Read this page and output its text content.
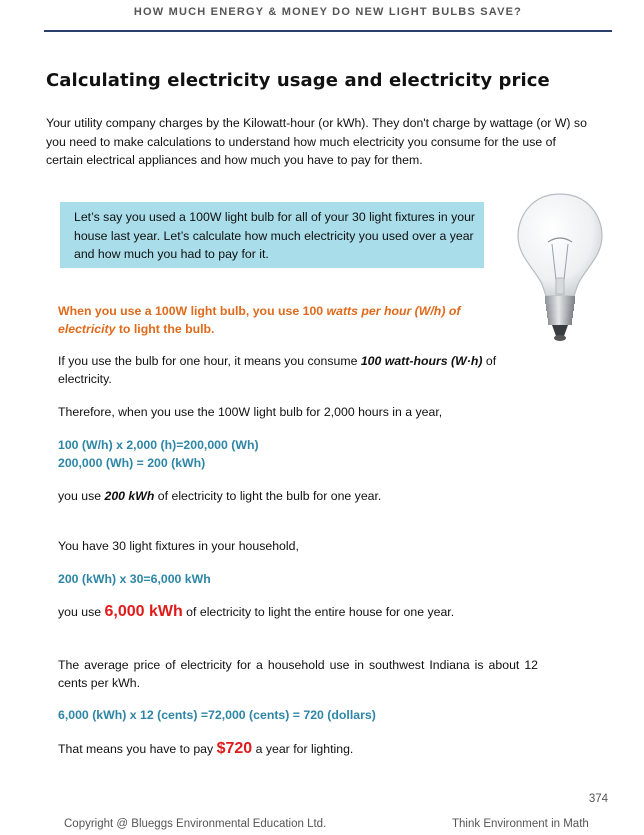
HOW MUCH ENERGY & MONEY DO NEW LIGHT BULBS SAVE?
Calculating electricity usage and electricity price
Your utility company charges by the Kilowatt-hour (or kWh). They don't charge by wattage (or W) so you need to make calculations to understand how much electricity you consume for the use of certain electrical appliances and how much you have to pay for them.
Let’s say you used a 100W light bulb for all of your 30 light fixtures in your house last year. Let’s calculate how much electricity you used over a year and how much you had to pay for it.
When you use a 100W light bulb, you use 100 watts per hour (W/h) of electricity to light the bulb.
If you use the bulb for one hour, it means you consume 100 watt-hours (W·h) of electricity.
Therefore, when you use the 100W light bulb for 2,000 hours in a year,
100 (W/h) x 2,000 (h)=200,000 (Wh)
200,000 (Wh) = 200 (kWh)
you use 200 kWh of electricity to light the bulb for one year.
You have 30 light fixtures in your household,
200 (kWh) x 30=6,000 kWh
you use 6,000 kWh of electricity to light the entire house for one year.
The average price of electricity for a household use in southwest Indiana is about 12 cents per kWh.
6,000 (kWh) x 12 (cents) =72,000 (cents) = 720 (dollars)
That means you have to pay $720 a year for lighting.
374
Copyright @ Blueggs Environmental Education Ltd.	Think Environment in Math
